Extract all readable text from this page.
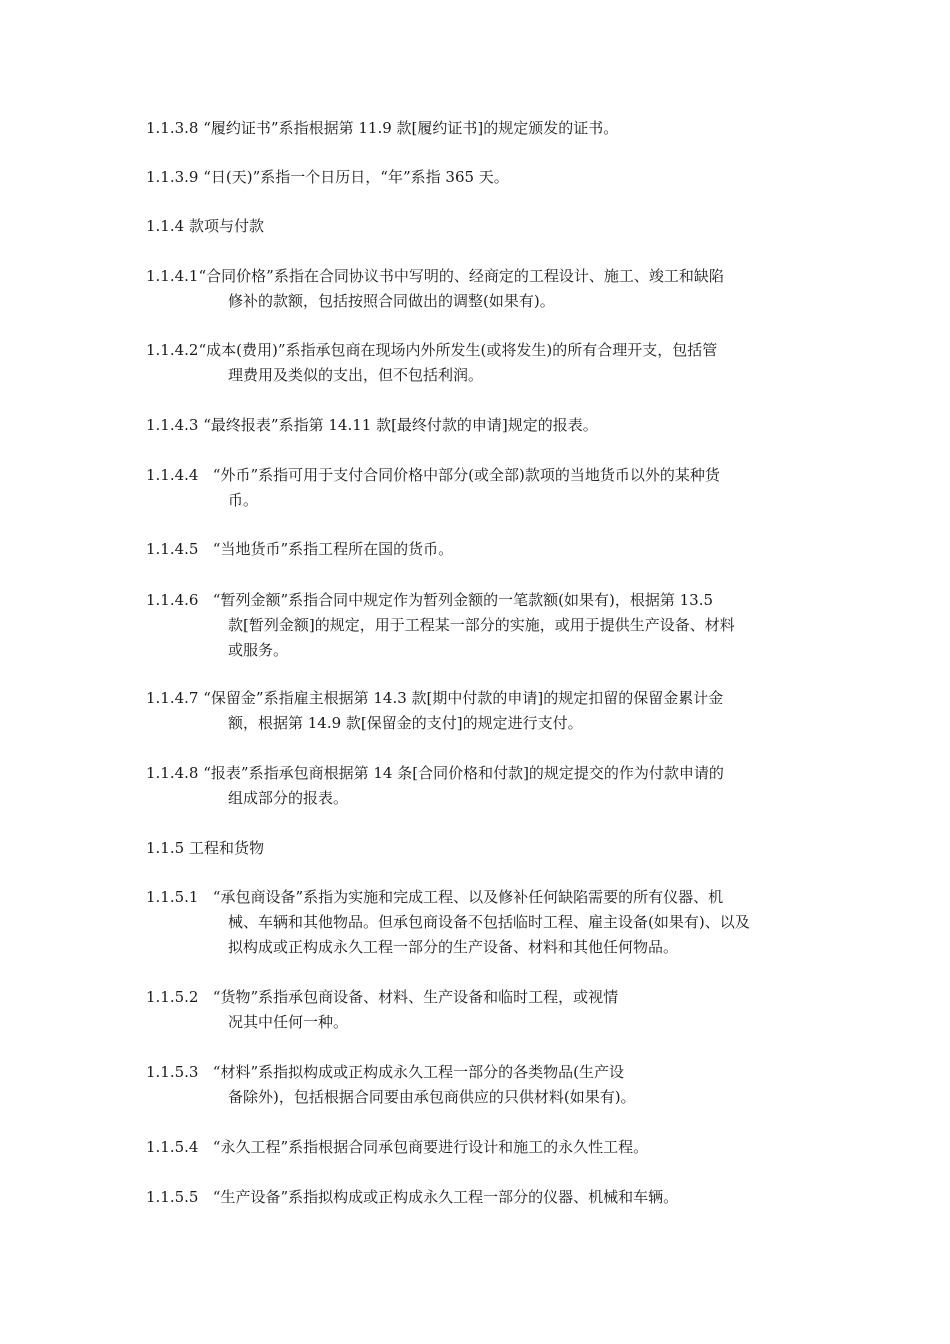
1.1.3.8 “履约证书”系指根据第 11.9 款[履约证书]的规定颁发的证书。
1.1.3.9 “日(天)”系指一个日历日，“年”系指 365 天。
1.1.4 款项与付款
1.1.4.1 “合同价格”系指在合同协议书中写明的、经商定的工程设计、施工、竣工和缺陷
修补的款额，包括按照合同做出的调整(如果有)。
1.1.4.2 “成本(费用)”系指承包商在现场内外所发生(或将发生)的所有合理开支，包括管
理费用及类似的支出，但不包括利润。
1.1.4.3 “最终报表”系指第 14.11 款[最终付款的申请]规定的报表。
1.1.4.4 “外币”系指可用于支付合同价格中部分(或全部)款项的当地货币以外的某种货
币。
1.1.4.5 “当地货币”系指工程所在国的货币。
1.1.4.6 “暂列金额”系指合同中规定作为暂列金额的一笔款额(如果有)，根据第 13.5
款[暂列金额]的规定，用于工程某一部分的实施，或用于提供生产设备、材料
或服务。
1.1.4.7 “保留金”系指雇主根据第 14.3 款[期中付款的申请]的规定扣留的保留金累计金
额，根据第 14.9 款[保留金的支付]的规定进行支付。
1.1.4.8 “报表”系指承包商根据第 14 条[合同价格和付款]的规定提交的作为付款申请的
组成部分的报表。
1.1.5 工程和货物
1.1.5.1 “承包商设备”系指为实施和完成工程、以及修补任何缺陷需要的所有仪器、机
械、车辆和其他物品。但承包商设备不包括临时工程、雇主设备(如果有)、以及
拟构成或正构成永久工程一部分的生产设备、材料和其他任何物品。
1.1.5.2 “货物”系指承包商设备、材料、生产设备和临时工程，或视情
况其中任何一种。
1.1.5.3 “材料”系指拟构成或正构成永久工程一部分的各类物品(生产设
备除外)，包括根据合同要由承包商供应的只供材料(如果有)。
1.1.5.4 “永久工程”系指根据合同承包商要进行设计和施工的永久性工程。
1.1.5.5 “生产设备”系指拟构成或正构成永久工程一部分的仪器、机械和车辆。
